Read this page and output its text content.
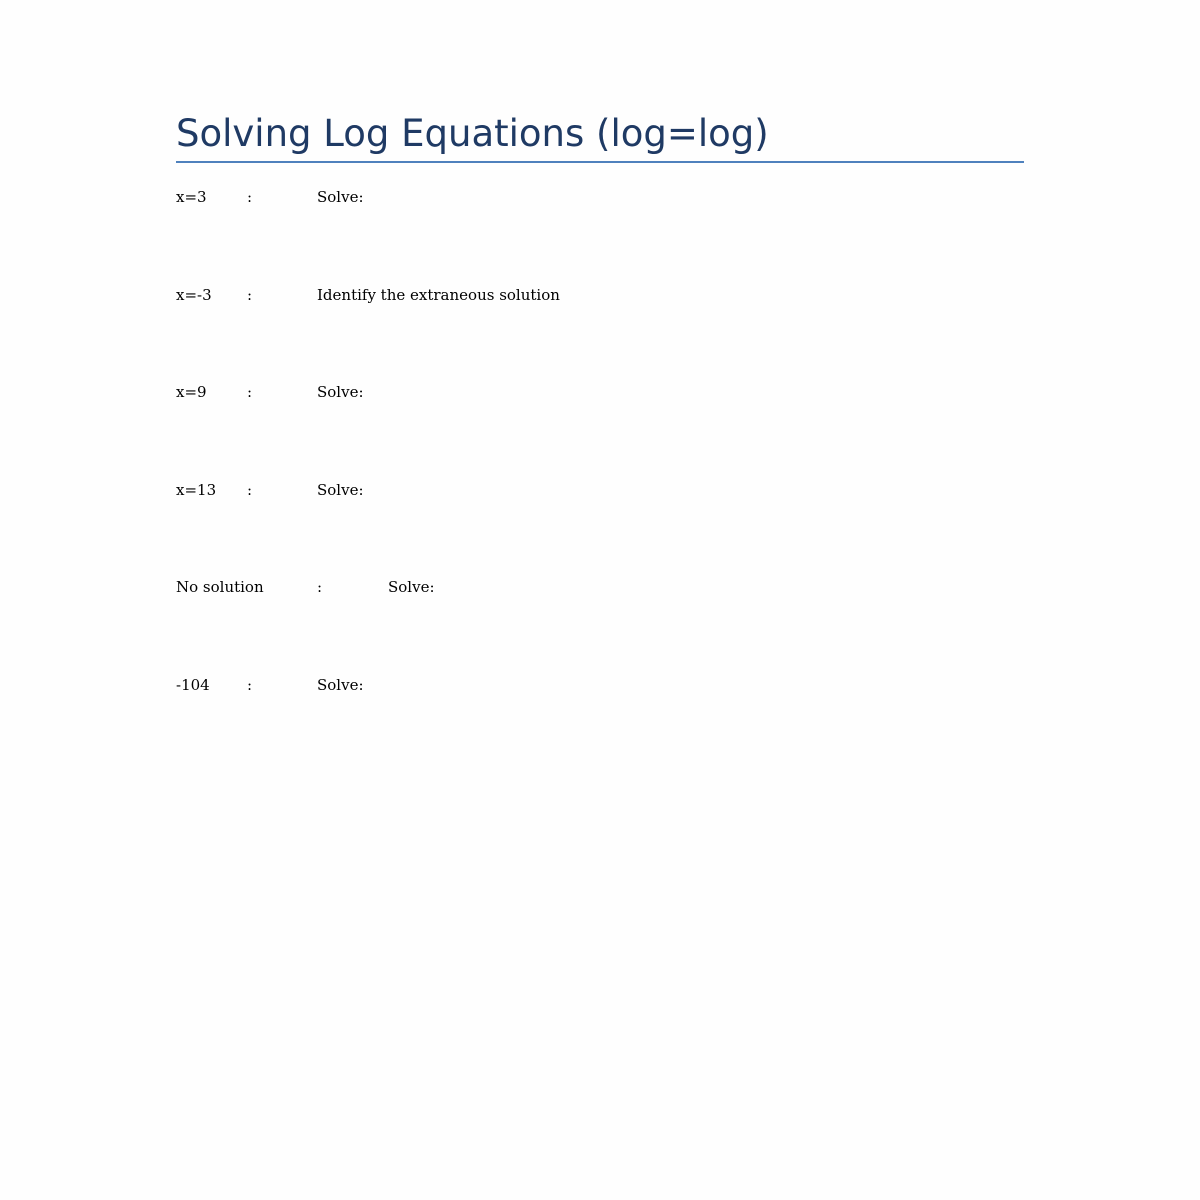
Solving Log Equations (log=log)
x=3	:	Solve:
x=-3 :	Identify the extraneous solution
x=9	:	Solve:
x=13 :	Solve:
No solution	:	Solve:
-104 :	Solve:
